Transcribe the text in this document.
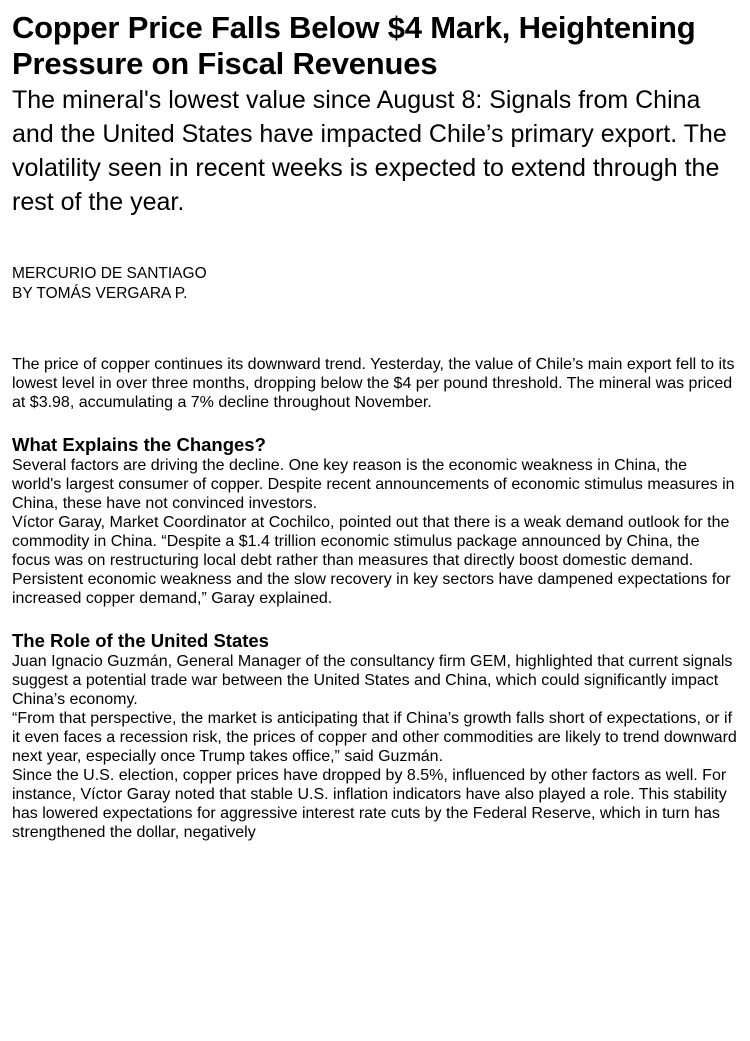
Copper Price Falls Below $4 Mark, Heightening Pressure on Fiscal Revenues
The mineral's lowest value since August 8: Signals from China and the United States have impacted Chile’s primary export. The volatility seen in recent weeks is expected to extend through the rest of the year.
MERCURIO DE SANTIAGO
BY TOMÁS VERGARA P.

The price of copper continues its downward trend. Yesterday, the value of Chile’s main export fell to its lowest level in over three months, dropping below the $4 per pound threshold. The mineral was priced at $3.98, accumulating a 7% decline throughout November.

What Explains the Changes?

Several factors are driving the decline. One key reason is the economic weakness in China, the world's largest consumer of copper. Despite recent announcements of economic stimulus measures in China, these have not convinced investors.

Víctor Garay, Market Coordinator at Cochilco, pointed out that there is a weak demand outlook for the commodity in China. “Despite a $1.4 trillion economic stimulus package announced by China, the focus was on restructuring local debt rather than measures that directly boost domestic demand. Persistent economic weakness and the slow recovery in key sectors have dampened expectations for increased copper demand,” Garay explained.

The Role of the United States

Juan Ignacio Guzmán, General Manager of the consultancy firm GEM, highlighted that current signals suggest a potential trade war between the United States and China, which could significantly impact China’s economy.

“From that perspective, the market is anticipating that if China’s growth falls short of expectations, or if it even faces a recession risk, the prices of copper and other commodities are likely to trend downward next year, especially once Trump takes office,” said Guzmán.

Since the U.S. election, copper prices have dropped by 8.5%, influenced by other factors as well. For instance, Víctor Garay noted that stable U.S. inflation indicators have also played a role. This stability has lowered expectations for aggressive interest rate cuts by the Federal Reserve, which in turn has strengthened the dollar, negatively
